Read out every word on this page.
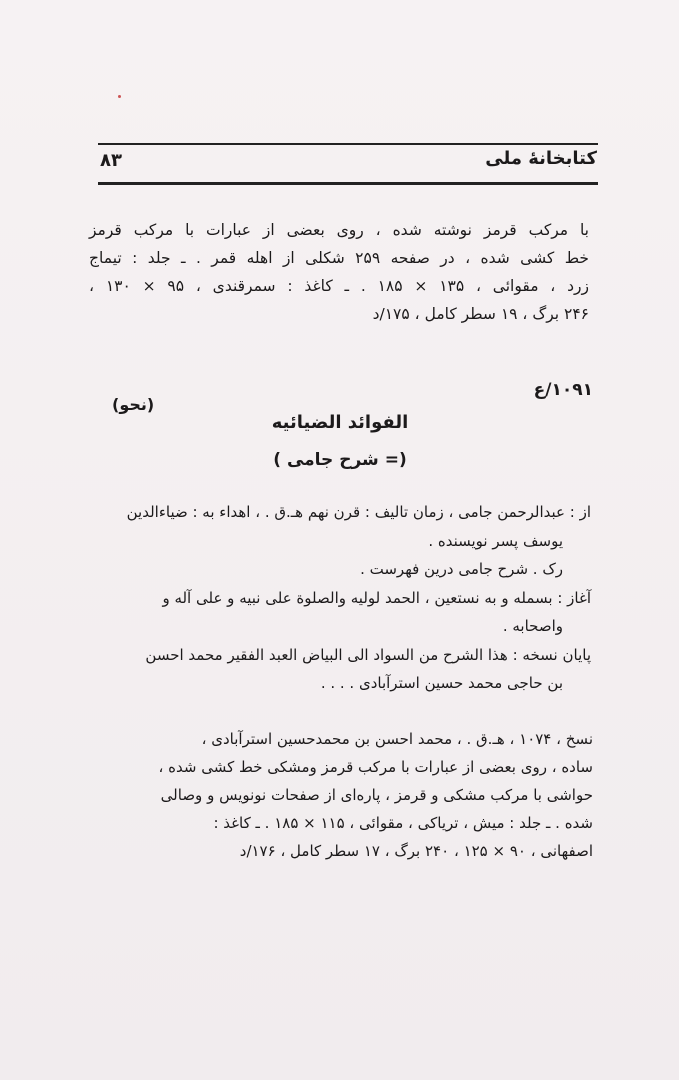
کتابخانهٔ ملی
۸۳
با مرکب قرمز نوشته شده ، روی بعضی از عبارات با مرکب قرمز
خط کشی شده ، در صفحه ۲۵۹ شکلی از اهله قمر . ـ جلد : تیماج
زرد ، مقوائی ، ۱۳۵ × ۱۸۵ . ـ کاغذ : سمرقندی ، ۹۵ × ۱۳۰ ،
۲۴۶ برگ ، ۱۹ سطر کامل ، ۱۷۵/د
۱۰۹۱/ع
(نحو)
الفوائد الضیائیه
(= شرح جامی )
از : عبدالرحمن جامی ، زمان تالیف : قرن نهم هـ.ق . ، اهداء به : ضیاءالدین
یوسف پسر نویسنده .
رک . شرح جامی درین فهرست .
آغاز : بسمله و به نستعین ، الحمد لولیه والصلوة علی نبیه و علی آله و
واصحابه .
پایان نسخه : هذا الشرح من السواد الی البیاض العبد الفقیر محمد احسن
بن حاجی محمد حسین استرآبادی . . . .
نسخ ، ۱۰۷۴ ، هـ.ق . ، محمد احسن بن محمدحسین استرآبادی ،
ساده ، روی بعضی از عبارات با مرکب قرمز ومشکی خط کشی شده ،
حواشی با مرکب مشکی و قرمز ، پاره‌ای از صفحات نونویس و وصالی
شده . ـ جلد : میش ، تریاکی ، مقوائی ، ۱۱۵ × ۱۸۵ . ـ کاغذ :
اصفهانی ، ۹۰ × ۱۲۵ ، ۲۴۰ برگ ، ۱۷ سطر کامل ، ۱۷۶/د
